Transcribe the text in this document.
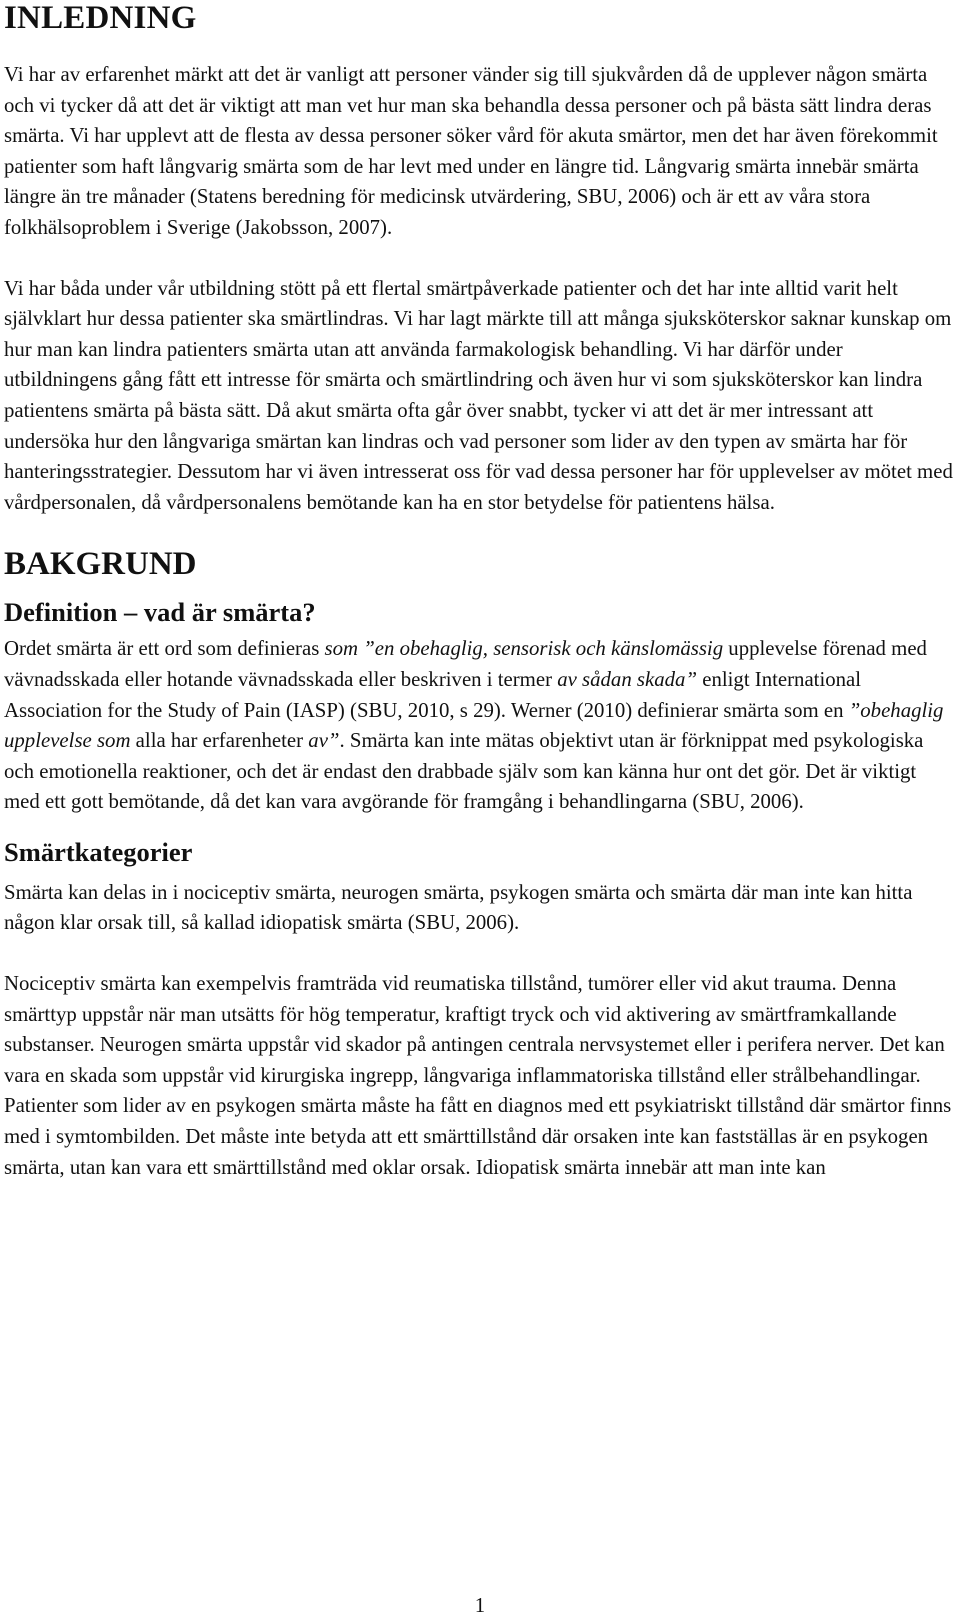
INLEDNING

Vi har av erfarenhet märkt att det är vanligt att personer vänder sig till sjukvården då de upplever någon smärta och vi tycker då att det är viktigt att man vet hur man ska behandla dessa personer och på bästa sätt lindra deras smärta. Vi har upplevt att de flesta av dessa personer söker vård för akuta smärtor, men det har även förekommit patienter som haft långvarig smärta som de har levt med under en längre tid. Långvarig smärta innebär smärta längre än tre månader (Statens beredning för medicinsk utvärdering, SBU, 2006) och är ett av våra stora folkhälsoproblem i Sverige (Jakobsson, 2007).

Vi har båda under vår utbildning stött på ett flertal smärtpåverkade patienter och det har inte alltid varit helt självklart hur dessa patienter ska smärtlindras. Vi har lagt märkte till att många sjuksköterskor saknar kunskap om hur man kan lindra patienters smärta utan att använda farmakologisk behandling. Vi har därför under utbildningens gång fått ett intresse för smärta och smärtlindring och även hur vi som sjuksköterskor kan lindra patientens smärta på bästa sätt. Då akut smärta ofta går över snabbt, tycker vi att det är mer intressant att undersöka hur den långvariga smärtan kan lindras och vad personer som lider av den typen av smärta har för hanteringsstrategier. Dessutom har vi även intresserat oss för vad dessa personer har för upplevelser av mötet med vårdpersonalen, då vårdpersonalens bemötande kan ha en stor betydelse för patientens hälsa.

BAKGRUND
Definition – vad är smärta?

Ordet smärta är ett ord som definieras som ”en obehaglig, sensorisk och känslomässig upplevelse förenad med vävnadsskada eller hotande vävnadsskada eller beskriven i termer av sådan skada” enligt International Association for the Study of Pain (IASP) (SBU, 2010, s 29). Werner (2010) definierar smärta som en ”obehaglig upplevelse som alla har erfarenheter av”. Smärta kan inte mätas objektivt utan är förknippat med psykologiska och emotionella reaktioner, och det är endast den drabbade själv som kan känna hur ont det gör. Det är viktigt med ett gott bemötande, då det kan vara avgörande för framgång i behandlingarna (SBU, 2006).

Smärtkategorier

Smärta kan delas in i nociceptiv smärta, neurogen smärta, psykogen smärta och smärta där man inte kan hitta någon klar orsak till, så kallad idiopatisk smärta (SBU, 2006).

Nociceptiv smärta kan exempelvis framträda vid reumatiska tillstånd, tumörer eller vid akut trauma. Denna smärttyp uppstår när man utsätts för hög temperatur, kraftigt tryck och vid aktivering av smärtframkallande substanser. Neurogen smärta uppstår vid skador på antingen centrala nervsystemet eller i perifera nerver. Det kan vara en skada som uppstår vid kirurgiska ingrepp, långvariga inflammatoriska tillstånd eller strålbehandlingar. Patienter som lider av en psykogen smärta måste ha fått en diagnos med ett psykiatriskt tillstånd där smärtor finns med i symtombilden. Det måste inte betyda att ett smärttillstånd där orsaken inte kan fastställas är en psykogen smärta, utan kan vara ett smärttillstånd med oklar orsak. Idiopatisk smärta innebär att man inte kan

1
